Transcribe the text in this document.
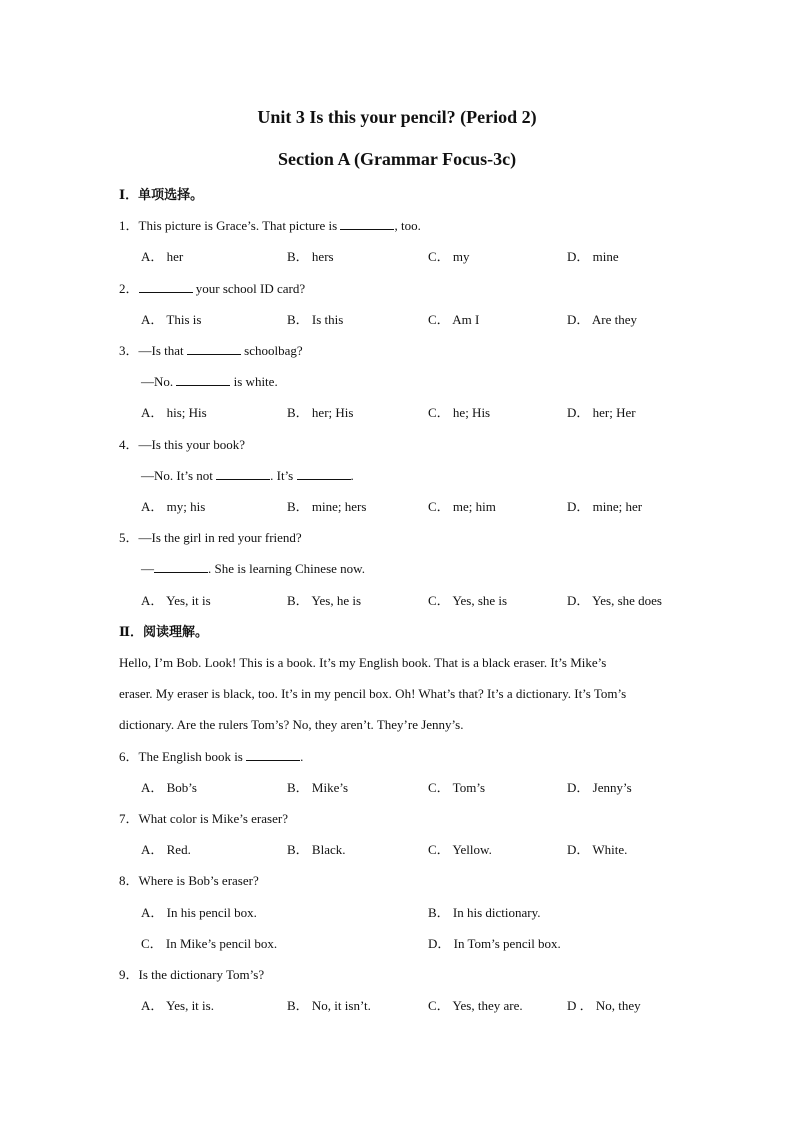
Unit 3 Is this your pencil? (Period 2)
Section A (Grammar Focus-3c)
Ⅰ．单项选择。
1．This picture is Grace’s. That picture is	, too.
A． her	B． hers	C． my	D． mine
2．	your school ID card?
A． This is	B． Is this	C． Am I	D． Are they
3．—Is that	schoolbag?
—No.	is white.
A． his; His	B． her; His	C． he; His	D． her; Her
4．—Is this your book?
—No. It’s not	. It’s	.
A． my; his	B． mine; hers	C． me; him	D． mine; her
5．—Is the girl in red your friend?
—	. She is learning Chinese now.
A． Yes, it is	B． Yes, he is	C． Yes, she is	D． Yes, she does
Ⅱ．阅读理解。
Hello, I’m Bob. Look! This is a book. It’s my English book. That is a black eraser. It’s Mike’s
eraser. My eraser is black, too. It’s in my pencil box. Oh! What’s that? It’s a dictionary. It’s Tom’s
dictionary. Are the rulers Tom’s? No, they aren’t. They’re Jenny’s.
6．The English book is	.
A． Bob’s	B． Mike’s	C． Tom’s	D． Jenny’s
7．What color is Mike’s eraser?
A． Red.	B． Black.	C． Yellow.	D． White.
8．Where is Bob’s eraser?
A． In his pencil box.	B． In his dictionary.
C． In Mike’s pencil box.	D． In Tom’s pencil box.
9．Is the dictionary Tom’s?
A． Yes, it is.	B． No, it isn’t.	C． Yes, they are.	D ． No, they
